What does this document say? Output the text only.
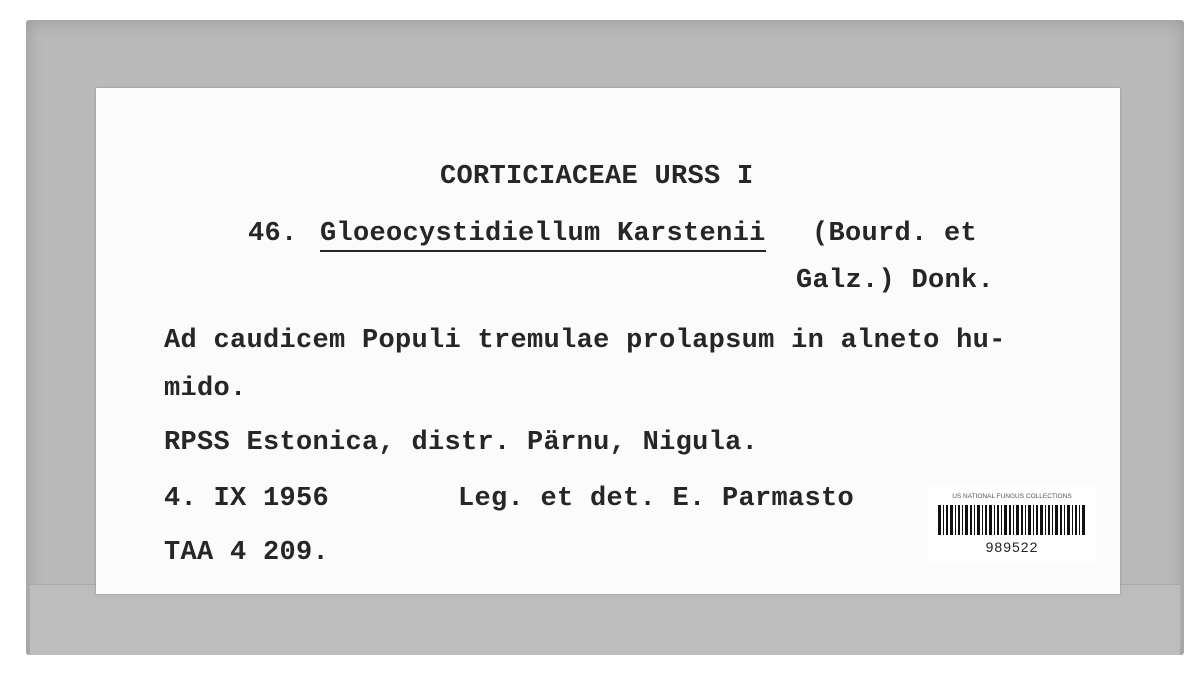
CORTICIACEAE URSS I

46. Gloeocystidiellum Karstenii (Bourd. et

Galz.) Donk.

Ad caudicem Populi tremulae prolapsum in alneto hu-

mido.

RPSS Estonica, distr. Pärnu, Nigula.

4. IX 1956	Leg. et det. E. Parmasto

TAA 4 209.

US NATIONAL FUNGUS COLLECTIONS
989522
